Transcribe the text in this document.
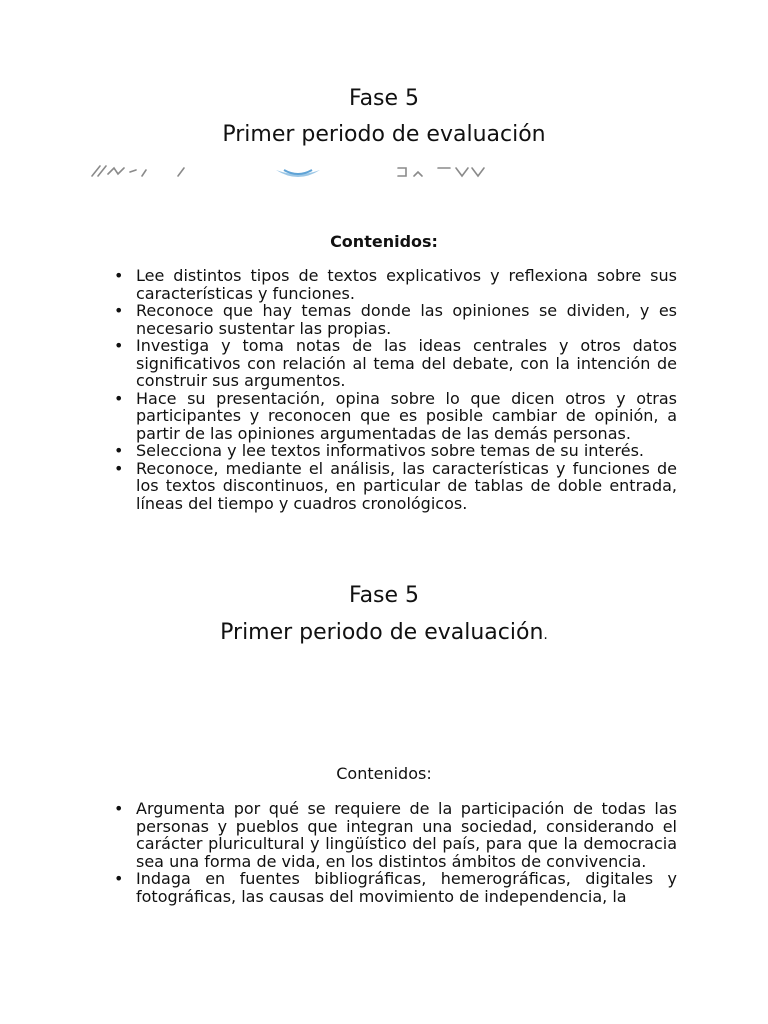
Fase 5
Primer periodo de evaluación
Contenidos:
• Lee distintos tipos de textos explicativos y reflexiona sobre sus características y funciones.
• Reconoce que hay temas donde las opiniones se dividen, y es necesario sustentar las propias.
• Investiga y toma notas de las ideas centrales y otros datos significativos con relación al tema del debate, con la intención de construir sus argumentos.
• Hace su presentación, opina sobre lo que dicen otros y otras participantes y reconocen que es posible cambiar de opinión, a partir de las opiniones argumentadas de las demás personas.
• Selecciona y lee textos informativos sobre temas de su interés.
• Reconoce, mediante el análisis, las características y funciones de los textos discontinuos, en particular de tablas de doble entrada, líneas del tiempo y cuadros cronológicos.
Fase 5
Primer periodo de evaluación.
Contenidos:
• Argumenta por qué se requiere de la participación de todas las personas y pueblos que integran una sociedad, considerando el carácter pluricultural y lingüístico del país, para que la democracia sea una forma de vida, en los distintos ámbitos de convivencia.
• Indaga en fuentes bibliográficas, hemerográficas, digitales y fotográficas, las causas del movimiento de independencia, la
